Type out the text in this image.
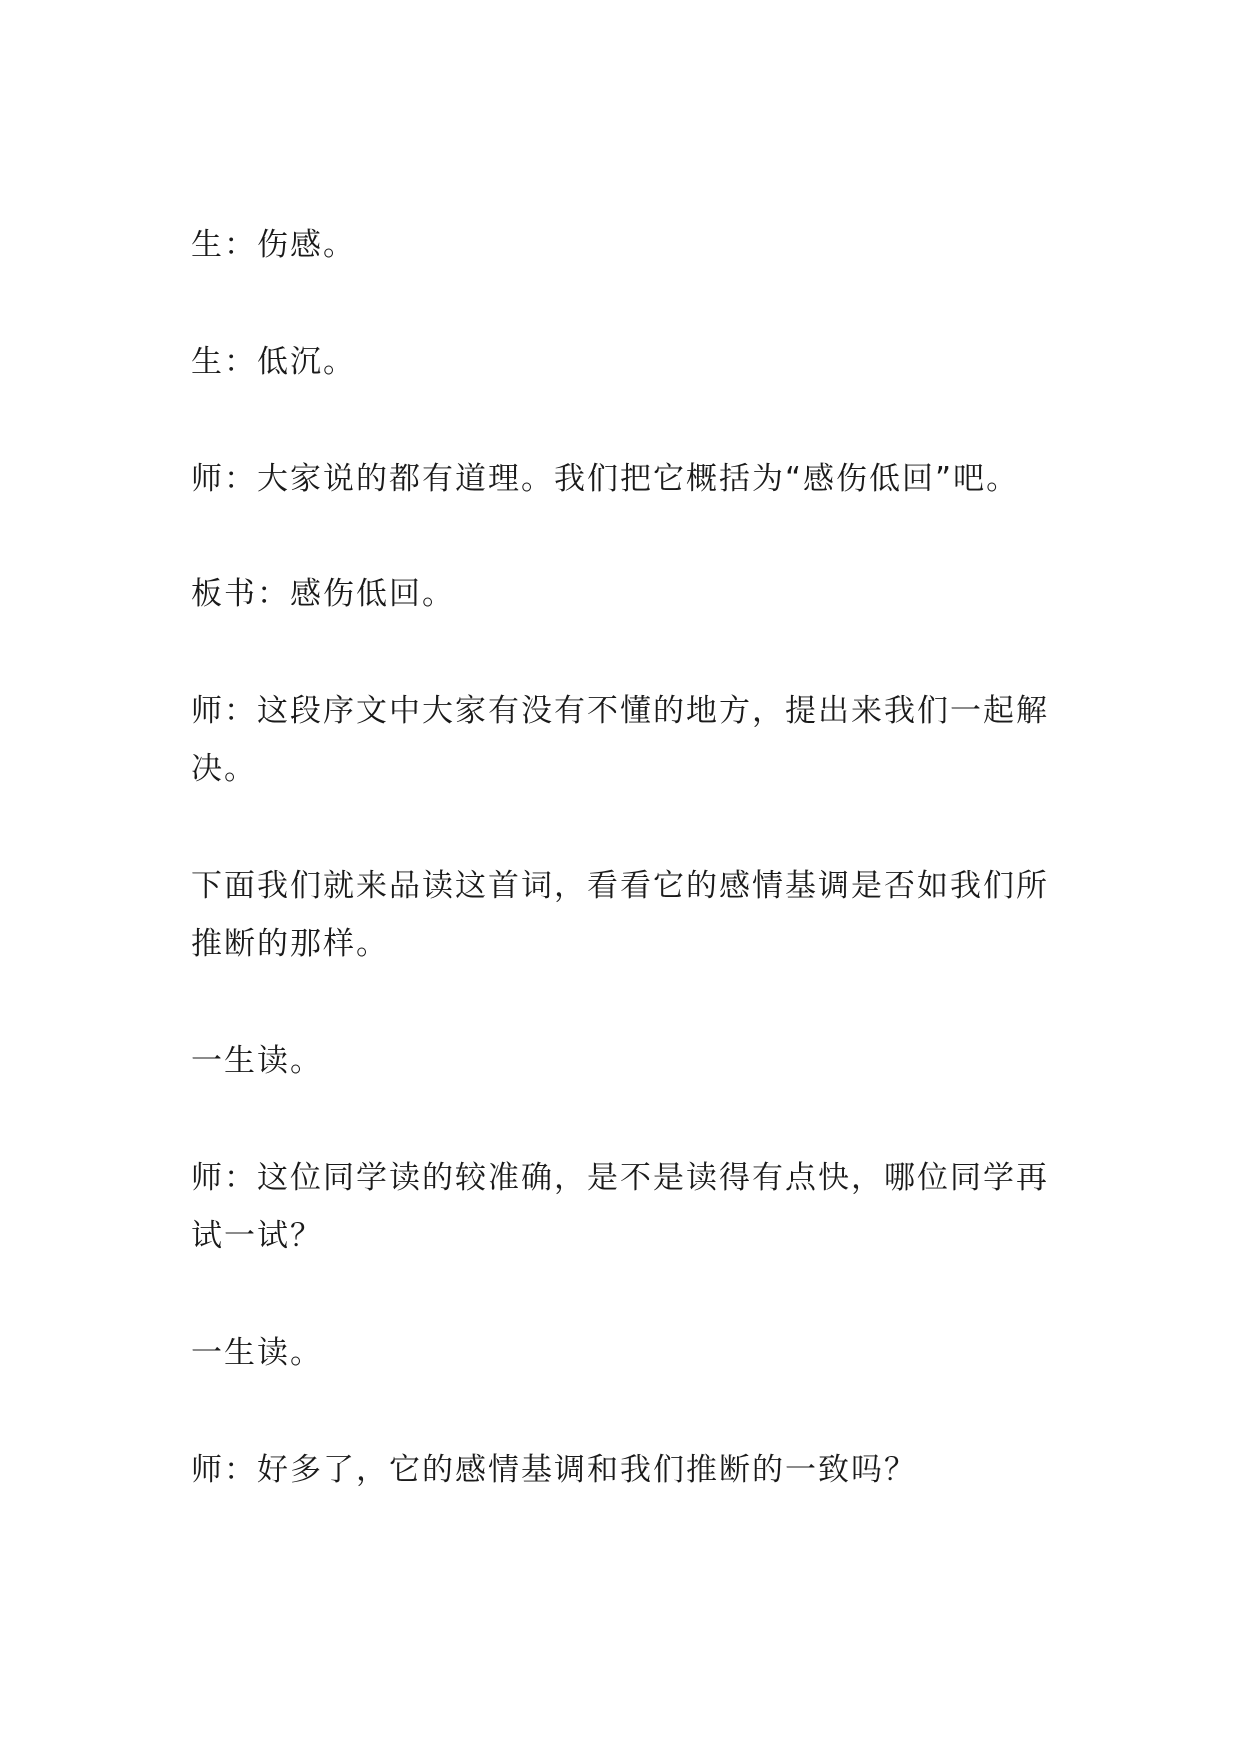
生：伤感。

生：低沉。

师：大家说的都有道理。我们把它概括为“感伤低回”吧。

板书：感伤低回。

师：这段序文中大家有没有不懂的地方，提出来我们一起解

决。

下面我们就来品读这首词，看看它的感情基调是否如我们所

推断的那样。

一生读。

师：这位同学读的较准确，是不是读得有点快，哪位同学再

试一试？

一生读。

师：好多了，它的感情基调和我们推断的一致吗？
